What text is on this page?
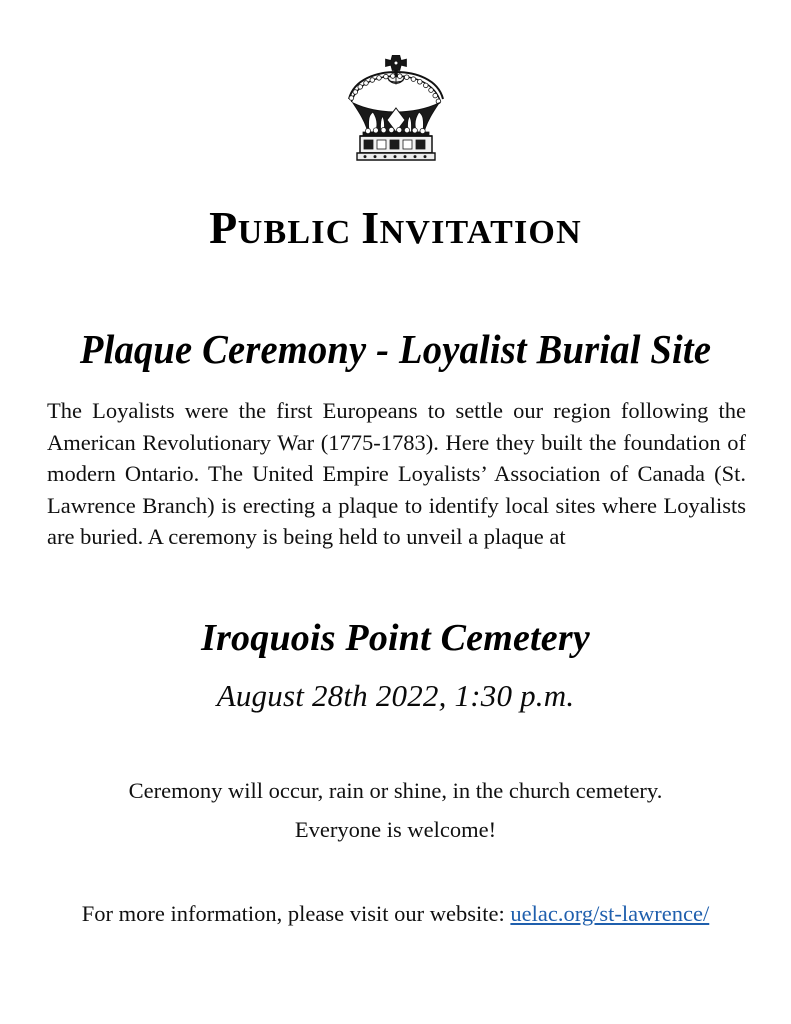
PUBLIC INVITATION
Plaque Ceremony - Loyalist Burial Site

The Loyalists were the first Europeans to settle our region following the American Revolutionary War (1775-1783). Here they built the foundation of modern Ontario. The United Empire Loyalists’ Association of Canada (St. Lawrence Branch) is erecting a plaque to identify local sites where Loyalists are buried. A ceremony is being held to unveil a plaque at

Iroquois Point Cemetery
August 28th 2022, 1:30 p.m.
Ceremony will occur, rain or shine, in the church cemetery.
Everyone is welcome!
For more information, please visit our website: uelac.org/st-lawrence/
